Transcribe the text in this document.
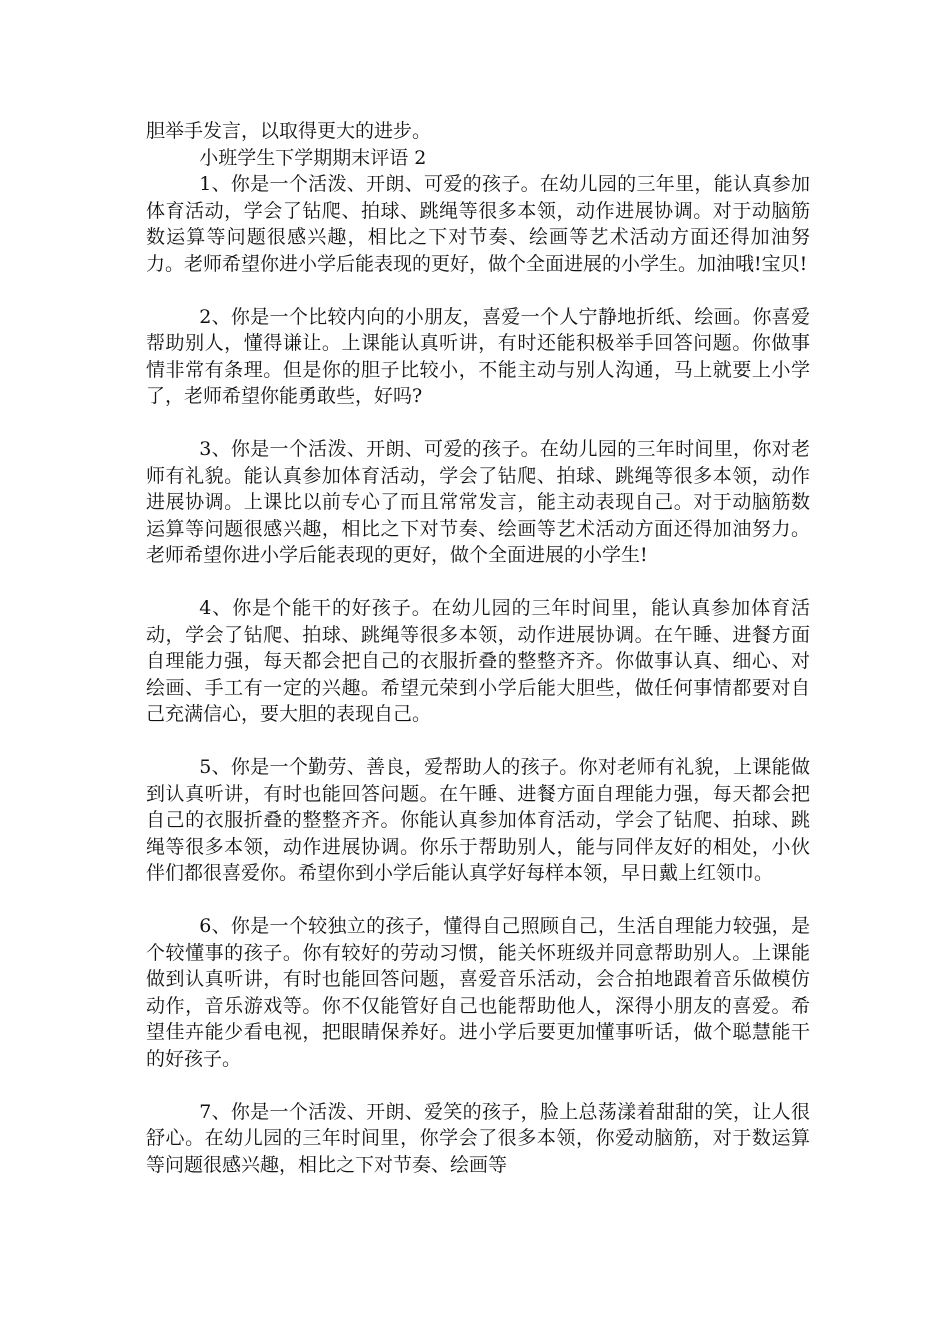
胆举手发言，以取得更大的进步。

小班学生下学期期末评语 2

1、你是一个活泼、开朗、可爱的孩子。在幼儿园的三年里，能认真参加体育活动，学会了钻爬、拍球、跳绳等很多本领，动作进展协调。对于动脑筋数运算等问题很感兴趣，相比之下对节奏、绘画等艺术活动方面还得加油努力。老师希望你进小学后能表现的更好，做个全面进展的小学生。加油哦!宝贝!

2、你是一个比较内向的小朋友，喜爱一个人宁静地折纸、绘画。你喜爱帮助别人，懂得谦让。上课能认真听讲，有时还能积极举手回答问题。你做事情非常有条理。但是你的胆子比较小，不能主动与别人沟通，马上就要上小学了，老师希望你能勇敢些，好吗?

3、你是一个活泼、开朗、可爱的孩子。在幼儿园的三年时间里，你对老师有礼貌。能认真参加体育活动，学会了钻爬、拍球、跳绳等很多本领，动作进展协调。上课比以前专心了而且常常发言，能主动表现自己。对于动脑筋数运算等问题很感兴趣，相比之下对节奏、绘画等艺术活动方面还得加油努力。老师希望你进小学后能表现的更好，做个全面进展的小学生!

4、你是个能干的好孩子。在幼儿园的三年时间里，能认真参加体育活动，学会了钻爬、拍球、跳绳等很多本领，动作进展协调。在午睡、进餐方面自理能力强，每天都会把自己的衣服折叠的整整齐齐。你做事认真、细心、对绘画、手工有一定的兴趣。希望元荣到小学后能大胆些，做任何事情都要对自己充满信心，要大胆的表现自己。

5、你是一个勤劳、善良，爱帮助人的孩子。你对老师有礼貌，上课能做到认真听讲，有时也能回答问题。在午睡、进餐方面自理能力强，每天都会把自己的衣服折叠的整整齐齐。你能认真参加体育活动，学会了钻爬、拍球、跳绳等很多本领，动作进展协调。你乐于帮助别人，能与同伴友好的相处，小伙伴们都很喜爱你。希望你到小学后能认真学好每样本领，早日戴上红领巾。

6、你是一个较独立的孩子，懂得自己照顾自己，生活自理能力较强，是个较懂事的孩子。你有较好的劳动习惯，能关怀班级并同意帮助别人。上课能做到认真听讲，有时也能回答问题，喜爱音乐活动，会合拍地跟着音乐做模仿动作，音乐游戏等。你不仅能管好自己也能帮助他人，深得小朋友的喜爱。希望佳卉能少看电视，把眼睛保养好。进小学后要更加懂事听话，做个聪慧能干的好孩子。

7、你是一个活泼、开朗、爱笑的孩子，脸上总荡漾着甜甜的笑，让人很舒心。在幼儿园的三年时间里，你学会了很多本领，你爱动脑筋，对于数运算等问题很感兴趣，相比之下对节奏、绘画等
